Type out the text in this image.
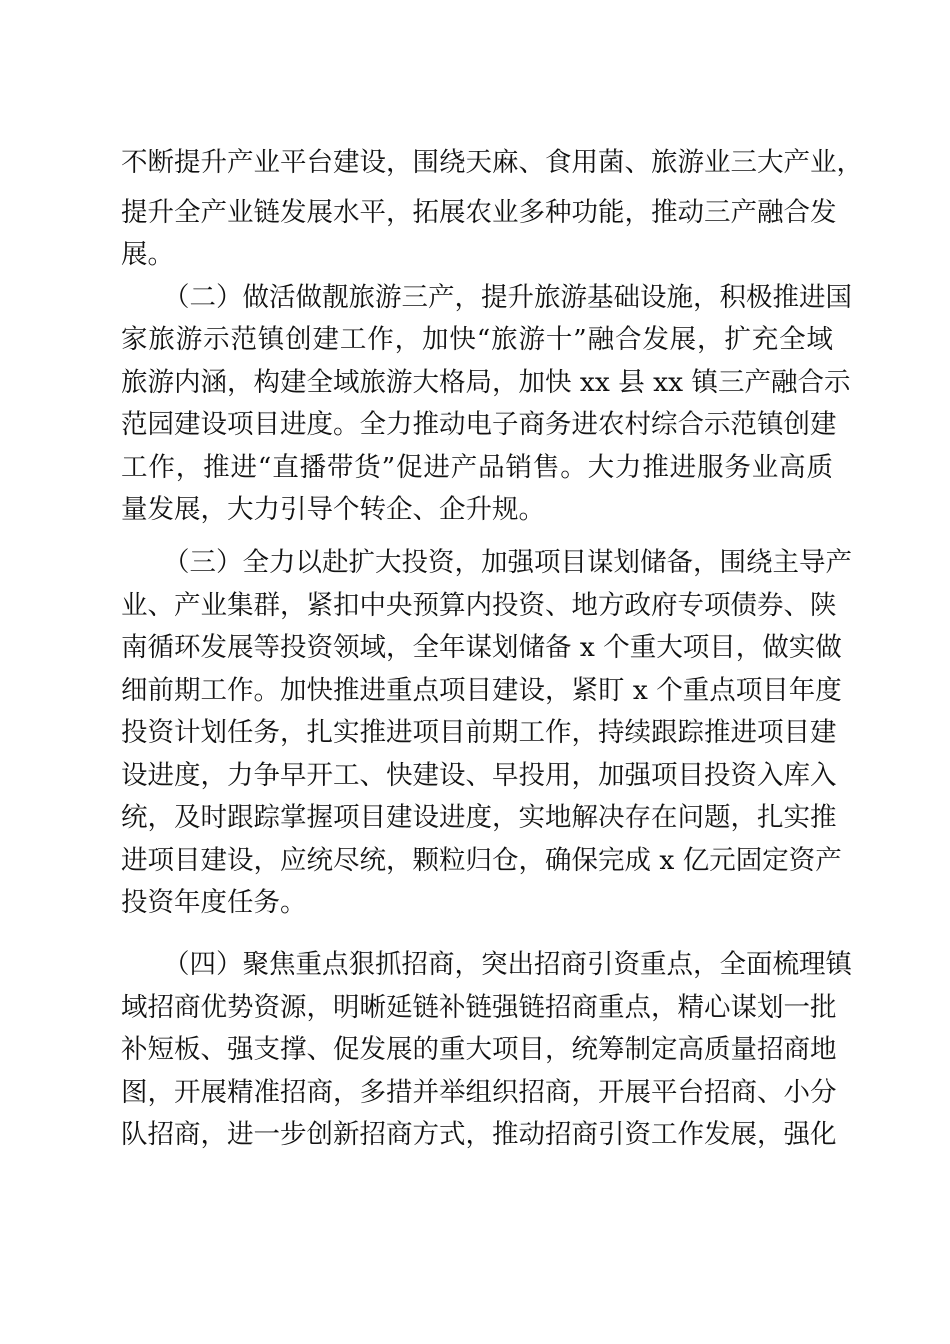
不断提升产业平台建设，围绕天麻、食用菌、旅游业三大产业，
提升全产业链发展水平，拓展农业多种功能，推动三产融合发
展。
（二）做活做靓旅游三产，提升旅游基础设施，积极推进国
家旅游示范镇创建工作，加快“旅游十”融合发展，扩充全域
旅游内涵，构建全域旅游大格局，加快 xx 县 xx 镇三产融合示
范园建设项目进度。全力推动电子商务进农村综合示范镇创建
工作，推进“直播带货”促进产品销售。大力推进服务业高质
量发展，大力引导个转企、企升规。
（三）全力以赴扩大投资，加强项目谋划储备，围绕主导产
业、产业集群，紧扣中央预算内投资、地方政府专项债券、陕
南循环发展等投资领域，全年谋划储备 x 个重大项目，做实做
细前期工作。加快推进重点项目建设，紧盯 x 个重点项目年度
投资计划任务，扎实推进项目前期工作，持续跟踪推进项目建
设进度，力争早开工、快建设、早投用，加强项目投资入库入
统，及时跟踪掌握项目建设进度，实地解决存在问题，扎实推
进项目建设，应统尽统，颗粒归仓，确保完成 x 亿元固定资产
投资年度任务。
（四）聚焦重点狠抓招商，突出招商引资重点，全面梳理镇
域招商优势资源，明晰延链补链强链招商重点，精心谋划一批
补短板、强支撑、促发展的重大项目，统筹制定高质量招商地
图，开展精准招商，多措并举组织招商，开展平台招商、小分
队招商，进一步创新招商方式，推动招商引资工作发展，强化
